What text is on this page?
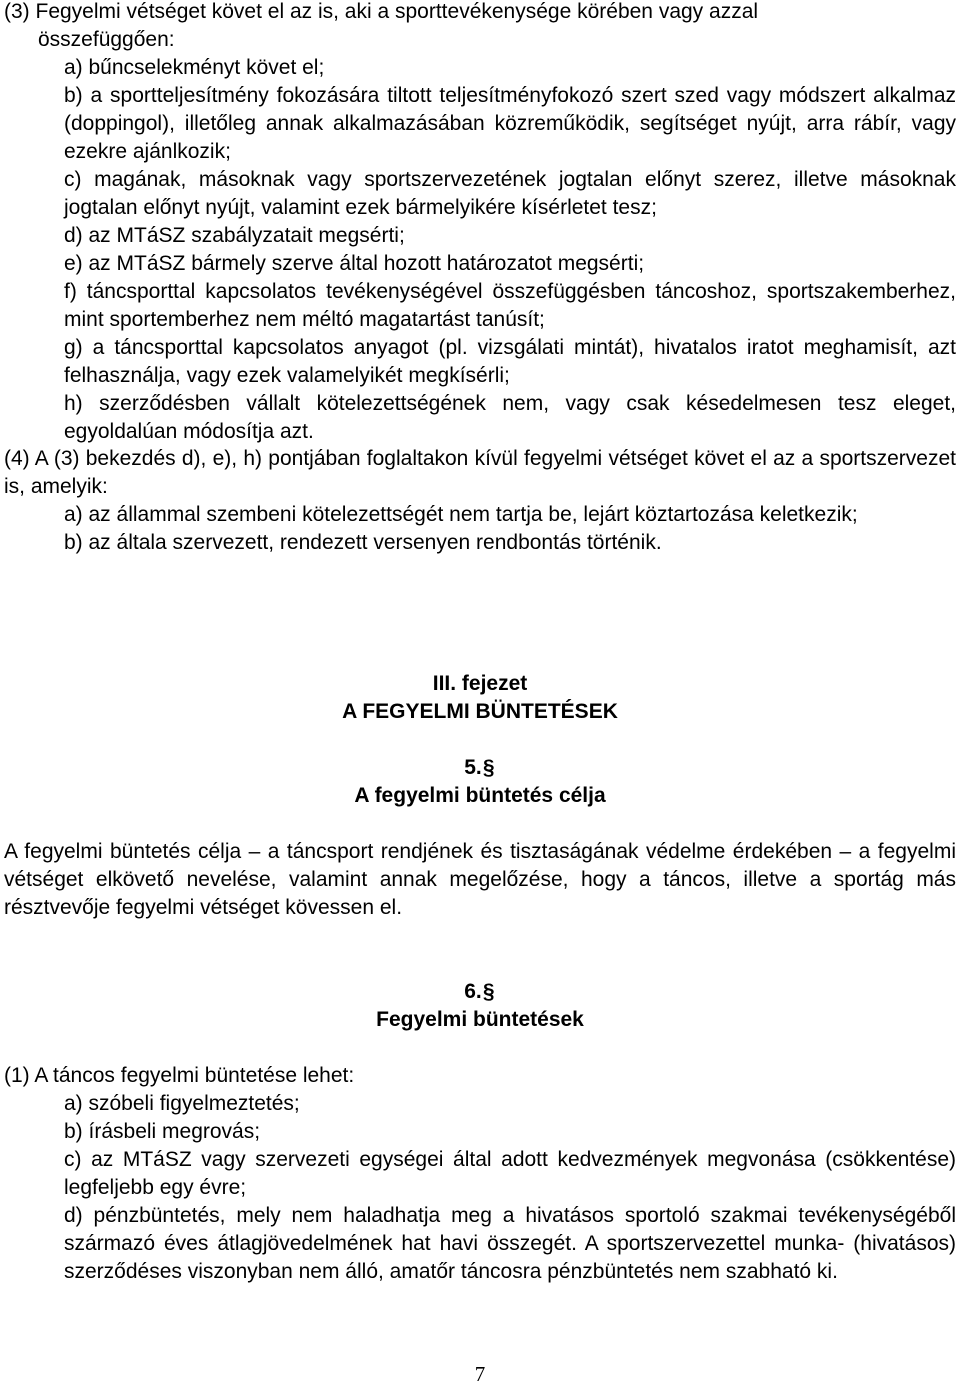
(3) Fegyelmi vétséget követ el az is, aki a sporttevékenysége körében vagy azzal

összefüggően:

a) bűncselekményt követ el;

b) a sportteljesítmény fokozására tiltott teljesítményfokozó szert szed vagy módszert alkalmaz (doppingol), illetőleg annak alkalmazásában közreműködik, segítséget nyújt, arra rábír, vagy ezekre ajánlkozik;

c) magának, másoknak vagy sportszervezetének jogtalan előnyt szerez, illetve másoknak jogtalan előnyt nyújt, valamint ezek bármelyikére kísérletet tesz;

d) az MTáSZ szabályzatait megsérti;

e) az MTáSZ bármely szerve által hozott határozatot megsérti;

f) táncsporttal kapcsolatos tevékenységével összefüggésben táncoshoz, sportszakemberhez, mint sportemberhez nem méltó magatartást tanúsít;

g) a táncsporttal kapcsolatos anyagot (pl. vizsgálati mintát), hivatalos iratot meghamisít, azt felhasználja, vagy ezek valamelyikét megkísérli;

h) szerződésben vállalt kötelezettségének nem, vagy csak késedelmesen tesz eleget, egyoldalúan módosítja azt.

(4) A (3) bekezdés d), e), h) pontjában foglaltakon kívül fegyelmi vétséget követ el az a sportszervezet is, amelyik:

a) az állammal szembeni kötelezettségét nem tartja be, lejárt köztartozása keletkezik;

b) az általa szervezett, rendezett versenyen rendbontás történik.

III. fejezet
A FEGYELMI BÜNTETÉSEK
5.§
A fegyelmi büntetés célja

A fegyelmi büntetés célja – a táncsport rendjének és tisztaságának védelme érdekében – a fegyelmi vétséget elkövető nevelése, valamint annak megelőzése, hogy a táncos, illetve a sportág más résztvevője fegyelmi vétséget kövessen el.

6.§
Fegyelmi büntetések

(1) A táncos fegyelmi büntetése lehet:

a) szóbeli figyelmeztetés;

b) írásbeli megrovás;

c) az MTáSZ vagy szervezeti egységei által adott kedvezmények megvonása (csökkentése) legfeljebb egy évre;

d) pénzbüntetés, mely nem haladhatja meg a hivatásos sportoló szakmai tevékenységéből származó éves átlagjövedelmének hat havi összegét. A sportszervezettel munka- (hivatásos) szerződéses viszonyban nem álló, amatőr táncosra pénzbüntetés nem szabható ki.

7
